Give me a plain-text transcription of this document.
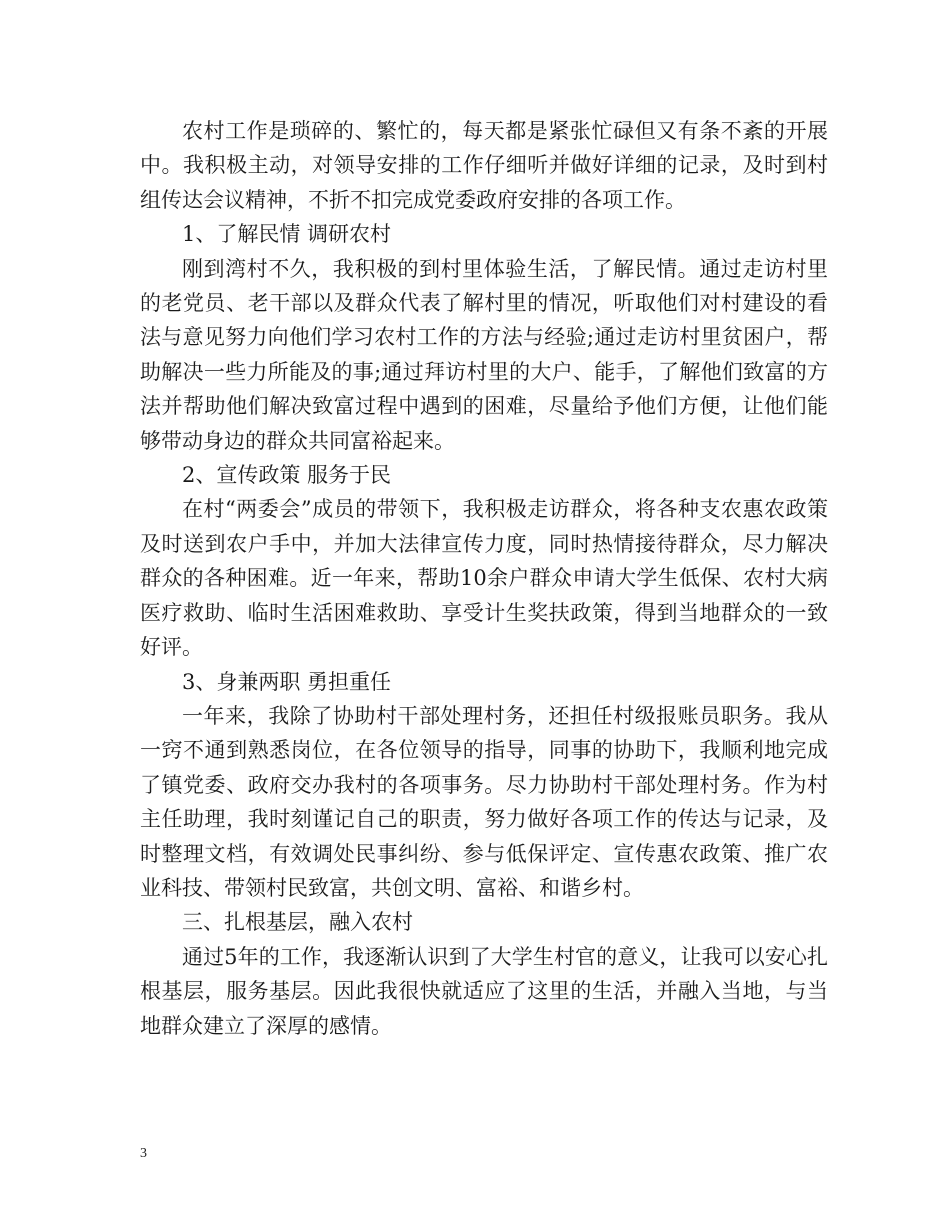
农村工作是琐碎的、繁忙的，每天都是紧张忙碌但又有条不紊的开展中。我积极主动，对领导安排的工作仔细听并做好详细的记录，及时到村组传达会议精神，不折不扣完成党委政府安排的各项工作。

1、了解民情 调研农村

刚到湾村不久，我积极的到村里体验生活，了解民情。通过走访村里的老党员、老干部以及群众代表了解村里的情况，听取他们对村建设的看法与意见努力向他们学习农村工作的方法与经验;通过走访村里贫困户，帮助解决一些力所能及的事;通过拜访村里的大户、能手，了解他们致富的方法并帮助他们解决致富过程中遇到的困难，尽量给予他们方便，让他们能够带动身边的群众共同富裕起来。

2、宣传政策 服务于民

在村“两委会”成员的带领下，我积极走访群众，将各种支农惠农政策及时送到农户手中，并加大法律宣传力度，同时热情接待群众，尽力解决群众的各种困难。近一年来，帮助10余户群众申请大学生低保、农村大病医疗救助、临时生活困难救助、享受计生奖扶政策，得到当地群众的一致好评。

3、身兼两职 勇担重任

一年来，我除了协助村干部处理村务，还担任村级报账员职务。我从一窍不通到熟悉岗位，在各位领导的指导，同事的协助下，我顺利地完成了镇党委、政府交办我村的各项事务。尽力协助村干部处理村务。作为村主任助理，我时刻谨记自己的职责，努力做好各项工作的传达与记录，及时整理文档，有效调处民事纠纷、参与低保评定、宣传惠农政策、推广农业科技、带领村民致富，共创文明、富裕、和谐乡村。

三、扎根基层，融入农村

通过5年的工作，我逐渐认识到了大学生村官的意义，让我可以安心扎根基层，服务基层。因此我很快就适应了这里的生活，并融入当地，与当地群众建立了深厚的感情。

3
